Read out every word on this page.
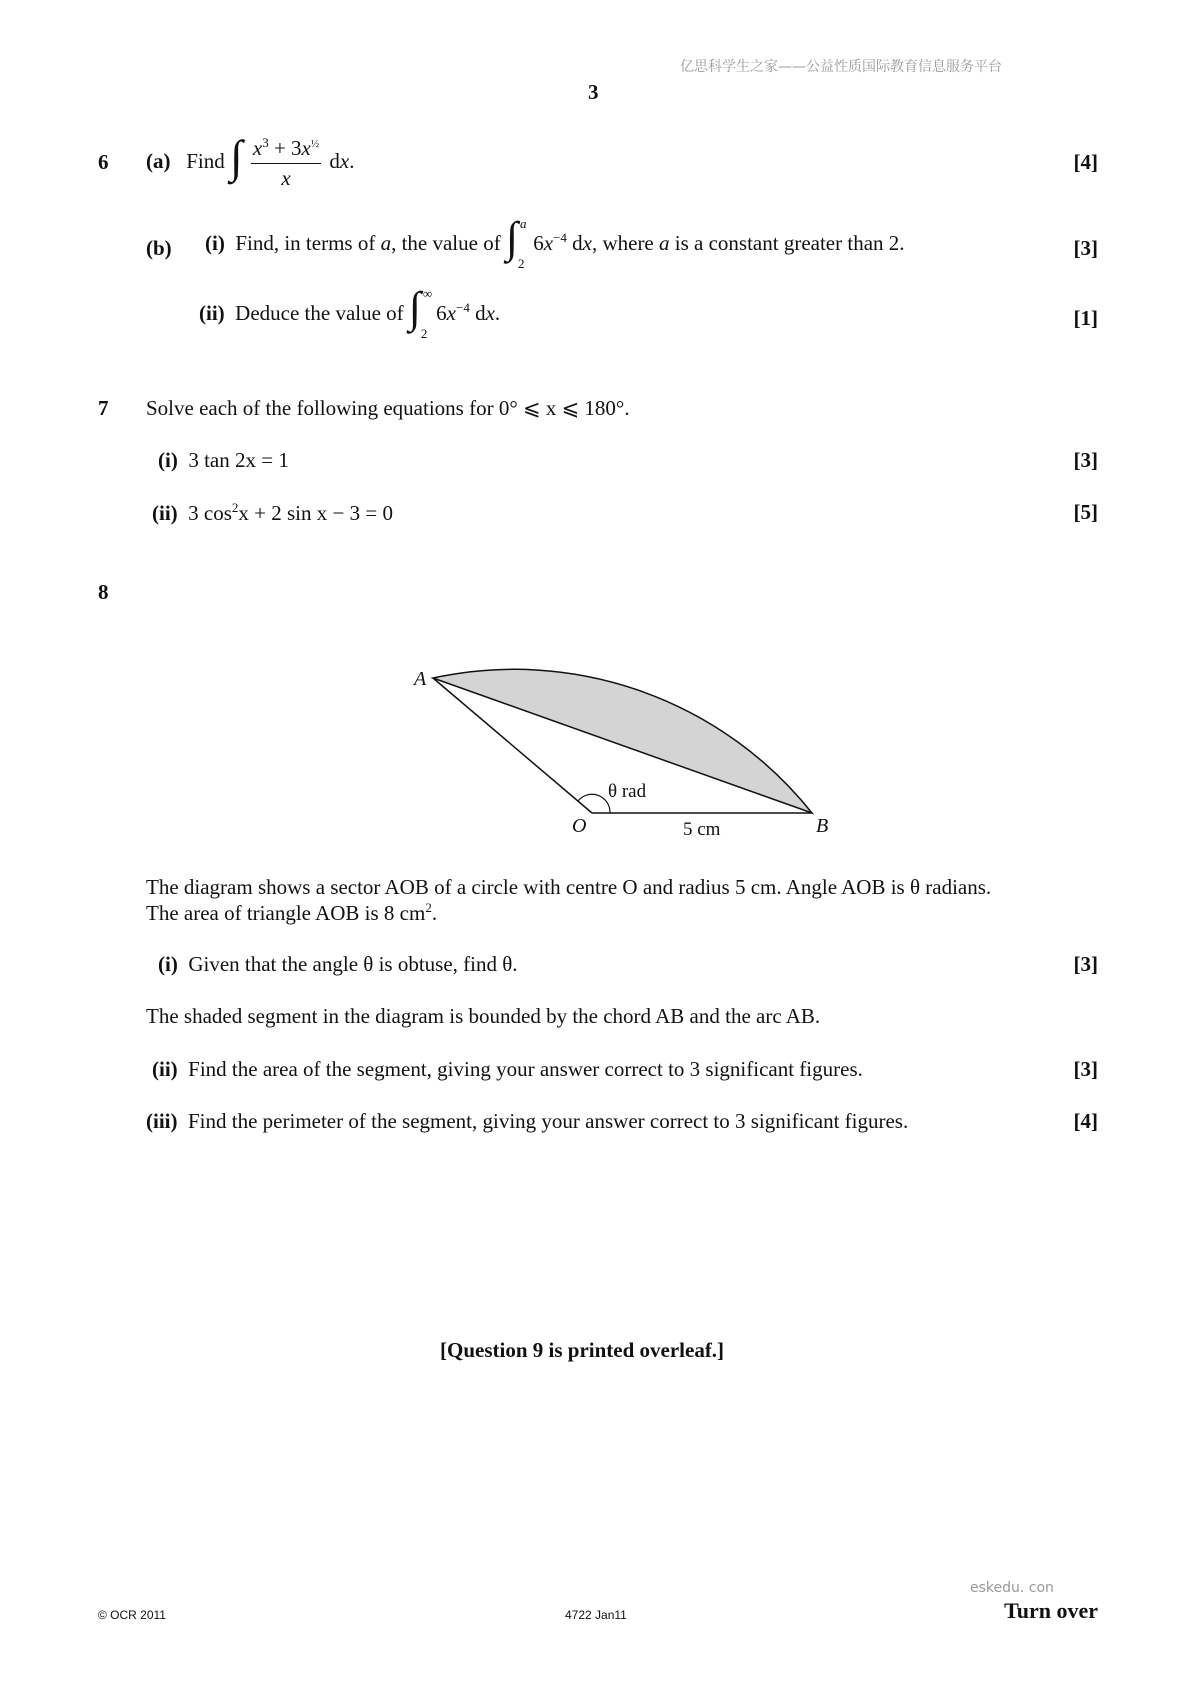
亿思科学生之家——公益性质国际教育信息服务平台
3
6 (a) Find ∫ $\frac{x^3 + 3x^{\frac{1}{2}}}{x}$ dx.	[4]
(b) (i) Find, in terms of a, the value of ∫ a
2
$6x^{-4}$ dx, where a is a constant greater than 2.	[3]
(ii) Deduce the value of ∫ ∞
2
$6x^{-4}$ dx.	[1]
7 Solve each of the following equations for 0° ⩽ x ⩽ 180°.
(i) 3 tan 2x = 1	[3]
(ii) 3 $\cos^2x + 2$ sin x − 3 = 0	[5]
8
A
O	B
θ rad
5 cm
The diagram shows a sector AOB of a circle with centre O and radius 5 cm. Angle AOB is θ radians.
The area of triangle AOB is 8 $cm^2$.
(i) Given that the angle θ is obtuse, find θ.	[3]
The shaded segment in the diagram is bounded by the chord AB and the arc AB.
(ii) Find the area of the segment, giving your answer correct to 3 significant figures.	[3]
(iii) Find the perimeter of the segment, giving your answer correct to 3 significant figures.	[4]
[Question 9 is printed overleaf.]
eskedu. con
© OCR 2011	4722 Jan11	Turn over
